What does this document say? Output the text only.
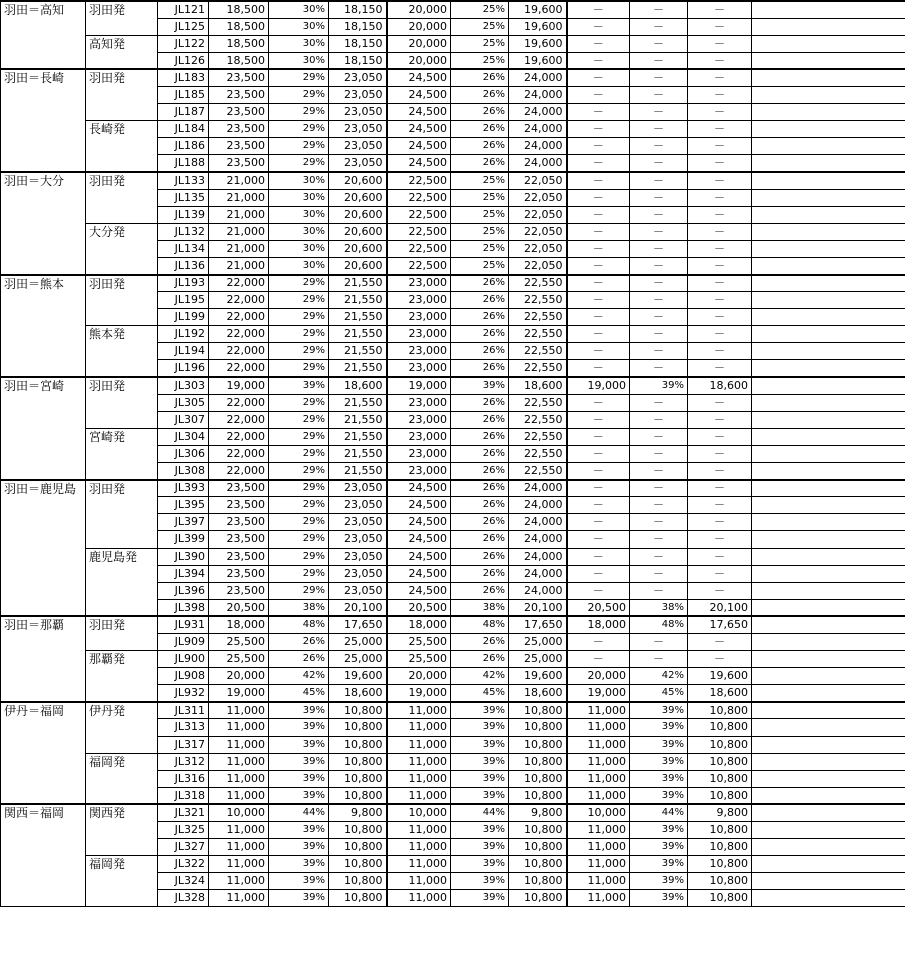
羽田＝高知	羽田発	JL121	18,500	30%	18,150	20,000	25%	19,600	－	－	－	
		JL125	18,500	30%	18,150	20,000	25%	19,600	－	－	－	
	高知発	JL122	18,500	30%	18,150	20,000	25%	19,600	－	－	－	
		JL126	18,500	30%	18,150	20,000	25%	19,600	－	－	－	
羽田＝長崎	羽田発	JL183	23,500	29%	23,050	24,500	26%	24,000	－	－	－	
		JL185	23,500	29%	23,050	24,500	26%	24,000	－	－	－	
		JL187	23,500	29%	23,050	24,500	26%	24,000	－	－	－	
	長崎発	JL184	23,500	29%	23,050	24,500	26%	24,000	－	－	－	
		JL186	23,500	29%	23,050	24,500	26%	24,000	－	－	－	
		JL188	23,500	29%	23,050	24,500	26%	24,000	－	－	－	
羽田＝大分	羽田発	JL133	21,000	30%	20,600	22,500	25%	22,050	－	－	－	
		JL135	21,000	30%	20,600	22,500	25%	22,050	－	－	－	
		JL139	21,000	30%	20,600	22,500	25%	22,050	－	－	－	
	大分発	JL132	21,000	30%	20,600	22,500	25%	22,050	－	－	－	
		JL134	21,000	30%	20,600	22,500	25%	22,050	－	－	－	
		JL136	21,000	30%	20,600	22,500	25%	22,050	－	－	－	
羽田＝熊本	羽田発	JL193	22,000	29%	21,550	23,000	26%	22,550	－	－	－	
		JL195	22,000	29%	21,550	23,000	26%	22,550	－	－	－	
		JL199	22,000	29%	21,550	23,000	26%	22,550	－	－	－	
	熊本発	JL192	22,000	29%	21,550	23,000	26%	22,550	－	－	－	
		JL194	22,000	29%	21,550	23,000	26%	22,550	－	－	－	
		JL196	22,000	29%	21,550	23,000	26%	22,550	－	－	－	
羽田＝宮崎	羽田発	JL303	19,000	39%	18,600	19,000	39%	18,600	19,000	39%	18,600	
		JL305	22,000	29%	21,550	23,000	26%	22,550	－	－	－	
		JL307	22,000	29%	21,550	23,000	26%	22,550	－	－	－	
	宮崎発	JL304	22,000	29%	21,550	23,000	26%	22,550	－	－	－	
		JL306	22,000	29%	21,550	23,000	26%	22,550	－	－	－	
		JL308	22,000	29%	21,550	23,000	26%	22,550	－	－	－	
羽田＝鹿児島	羽田発	JL393	23,500	29%	23,050	24,500	26%	24,000	－	－	－	
		JL395	23,500	29%	23,050	24,500	26%	24,000	－	－	－	
		JL397	23,500	29%	23,050	24,500	26%	24,000	－	－	－	
		JL399	23,500	29%	23,050	24,500	26%	24,000	－	－	－	
	鹿児島発	JL390	23,500	29%	23,050	24,500	26%	24,000	－	－	－	
		JL394	23,500	29%	23,050	24,500	26%	24,000	－	－	－	
		JL396	23,500	29%	23,050	24,500	26%	24,000	－	－	－	
		JL398	20,500	38%	20,100	20,500	38%	20,100	20,500	38%	20,100	
羽田＝那覇	羽田発	JL931	18,000	48%	17,650	18,000	48%	17,650	18,000	48%	17,650	
		JL909	25,500	26%	25,000	25,500	26%	25,000	－	－	－	
	那覇発	JL900	25,500	26%	25,000	25,500	26%	25,000	－	－	－	
		JL908	20,000	42%	19,600	20,000	42%	19,600	20,000	42%	19,600	
		JL932	19,000	45%	18,600	19,000	45%	18,600	19,000	45%	18,600	
伊丹＝福岡	伊丹発	JL311	11,000	39%	10,800	11,000	39%	10,800	11,000	39%	10,800	
		JL313	11,000	39%	10,800	11,000	39%	10,800	11,000	39%	10,800	
		JL317	11,000	39%	10,800	11,000	39%	10,800	11,000	39%	10,800	
	福岡発	JL312	11,000	39%	10,800	11,000	39%	10,800	11,000	39%	10,800	
		JL316	11,000	39%	10,800	11,000	39%	10,800	11,000	39%	10,800	
		JL318	11,000	39%	10,800	11,000	39%	10,800	11,000	39%	10,800	
関西＝福岡	関西発	JL321	10,000	44%	9,800	10,000	44%	9,800	10,000	44%	9,800	
		JL325	11,000	39%	10,800	11,000	39%	10,800	11,000	39%	10,800	
		JL327	11,000	39%	10,800	11,000	39%	10,800	11,000	39%	10,800	
	福岡発	JL322	11,000	39%	10,800	11,000	39%	10,800	11,000	39%	10,800	
		JL324	11,000	39%	10,800	11,000	39%	10,800	11,000	39%	10,800	
		JL328	11,000	39%	10,800	11,000	39%	10,800	11,000	39%	10,800	
